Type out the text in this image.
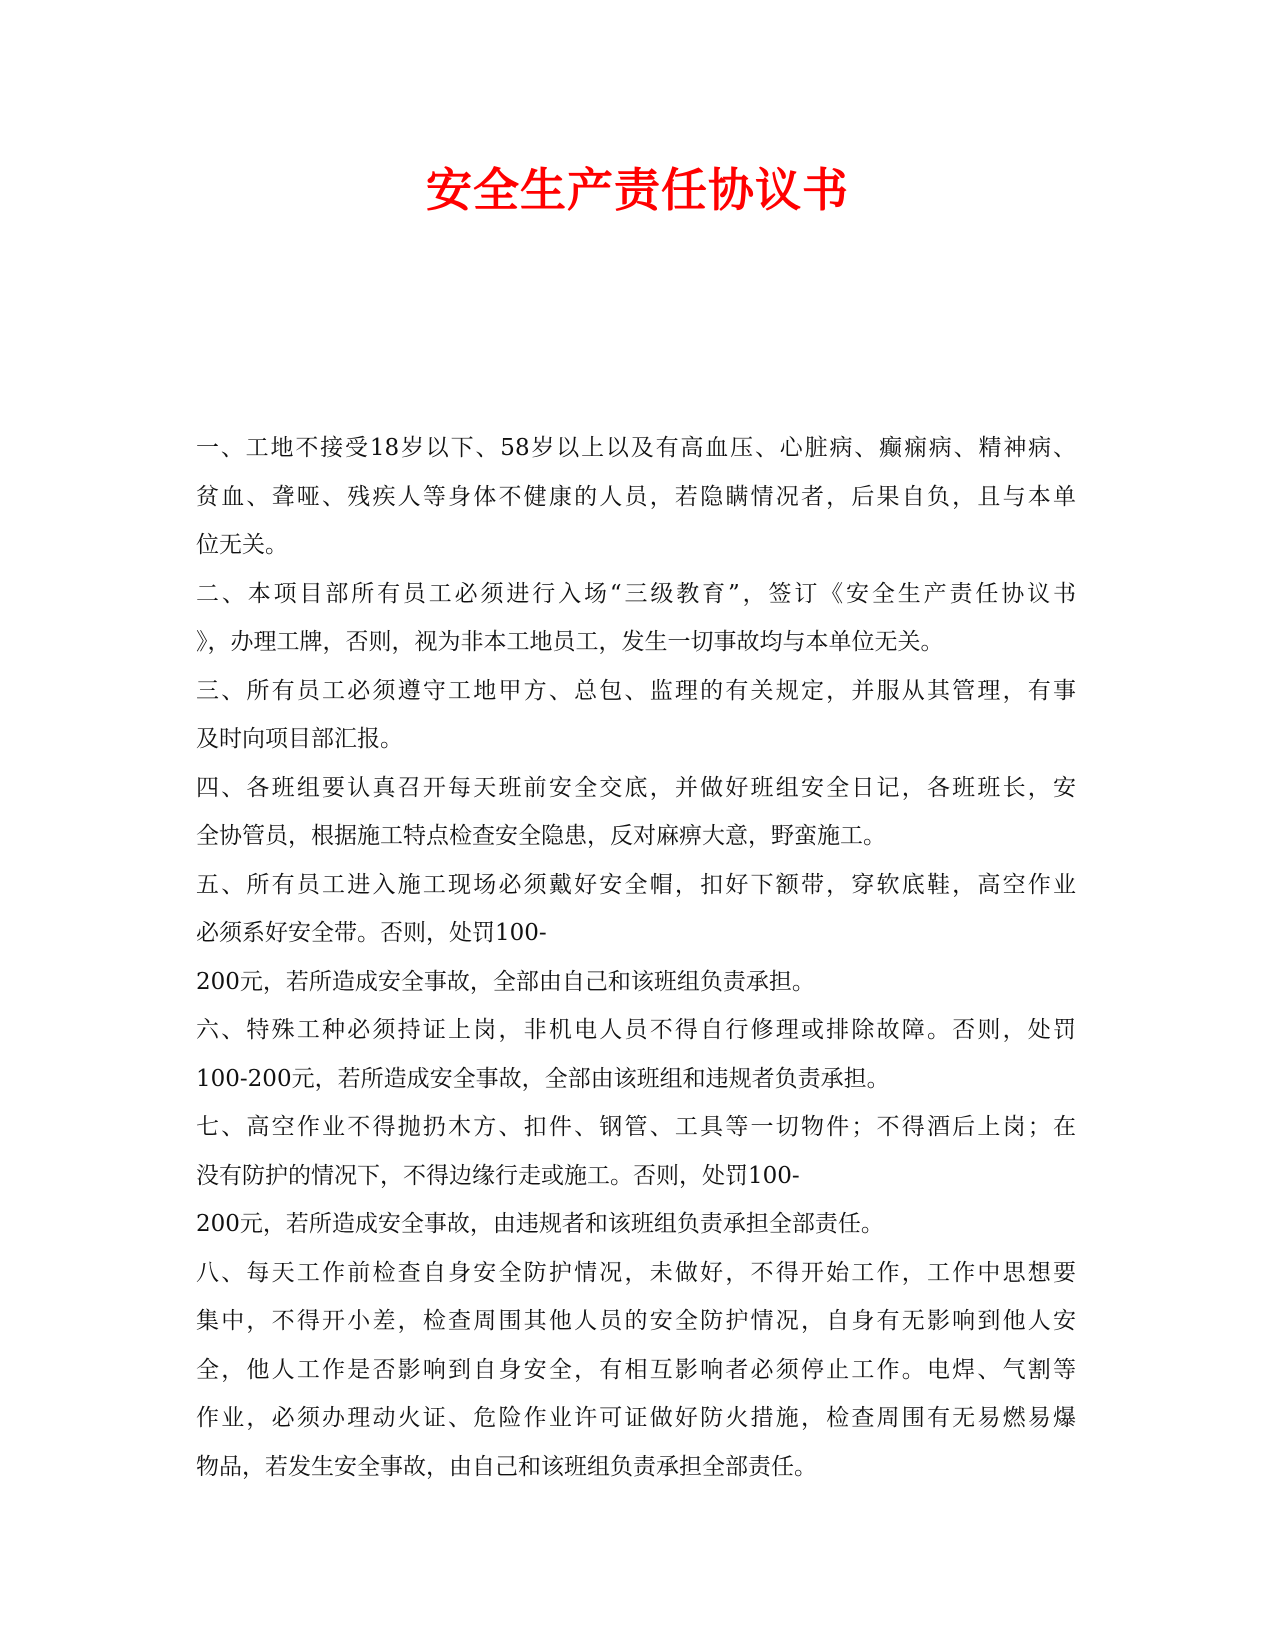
安全生产责任协议书
一、工地不接受18岁以下、58岁以上以及有高血压、心脏病、癫痫病、精神病、
贫血、聋哑、残疾人等身体不健康的人员，若隐瞒情况者，后果自负，且与本单
位无关。
二、本项目部所有员工必须进行入场“三级教育”，签订《安全生产责任协议书
》，办理工牌，否则，视为非本工地员工，发生一切事故均与本单位无关。
三、所有员工必须遵守工地甲方、总包、监理的有关规定，并服从其管理，有事
及时向项目部汇报。
四、各班组要认真召开每天班前安全交底，并做好班组安全日记，各班班长，安
全协管员，根据施工特点检查安全隐患，反对麻痹大意，野蛮施工。
五、所有员工进入施工现场必须戴好安全帽，扣好下额带，穿软底鞋，高空作业
必须系好安全带。否则，处罚100-
200元，若所造成安全事故，全部由自己和该班组负责承担。
六、特殊工种必须持证上岗，非机电人员不得自行修理或排除故障。否则，处罚
100-200元，若所造成安全事故，全部由该班组和违规者负责承担。
七、高空作业不得抛扔木方、扣件、钢管、工具等一切物件；不得酒后上岗；在
没有防护的情况下，不得边缘行走或施工。否则，处罚100-
200元，若所造成安全事故，由违规者和该班组负责承担全部责任。
八、每天工作前检查自身安全防护情况，未做好，不得开始工作，工作中思想要
集中，不得开小差，检查周围其他人员的安全防护情况，自身有无影响到他人安
全，他人工作是否影响到自身安全，有相互影响者必须停止工作。电焊、气割等
作业，必须办理动火证、危险作业许可证做好防火措施，检查周围有无易燃易爆
物品，若发生安全事故，由自己和该班组负责承担全部责任。
